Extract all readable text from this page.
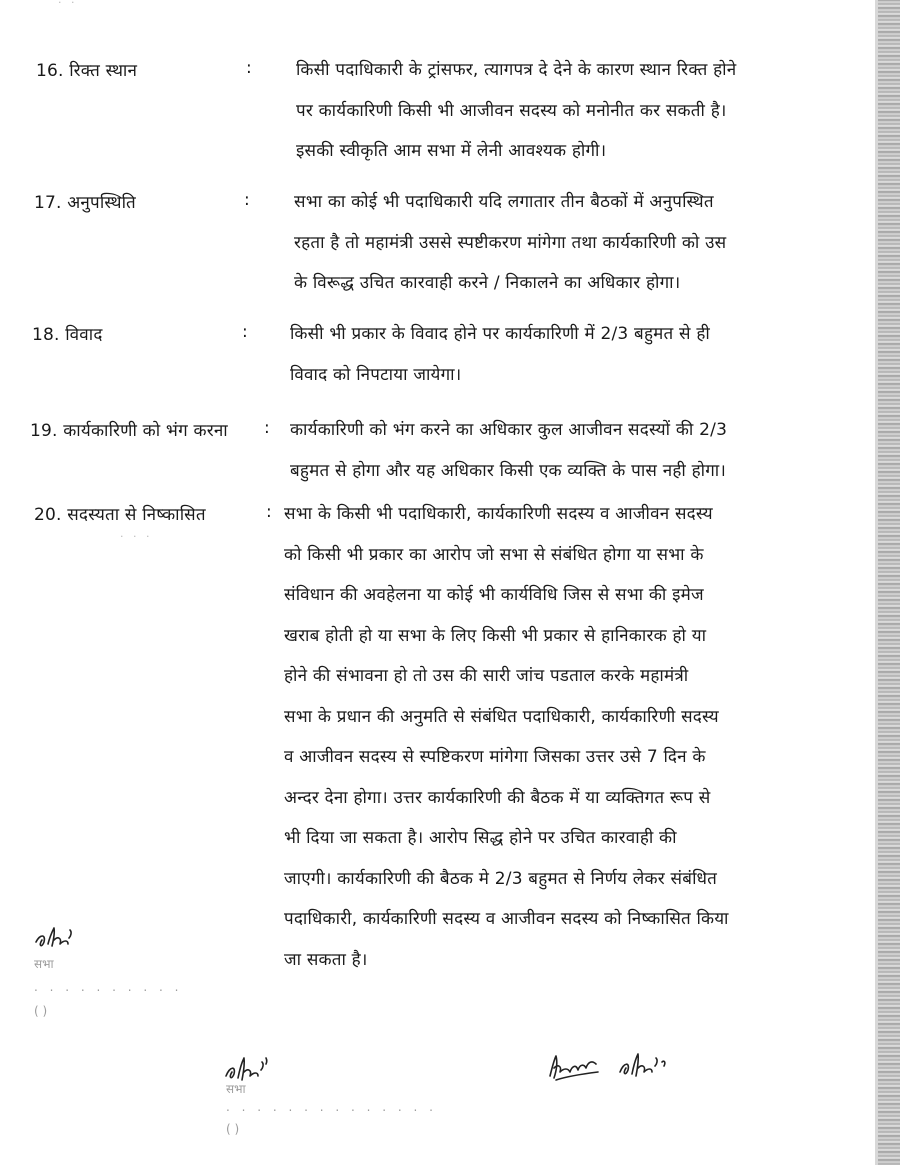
16. रिक्त स्थान	:	किसी पदाधिकारी के ट्रांसफर, त्यागपत्र दे देने के कारण स्थान रिक्त होने
पर कार्यकारिणी किसी भी आजीवन सदस्य को मनोनीत कर सकती है।
इसकी स्वीकृति आम सभा में लेनी आवश्यक होगी।
17. अनुपस्थिति	:	सभा का कोई भी पदाधिकारी यदि लगातार तीन बैठकों में अनुपस्थित
रहता है तो महामंत्री उससे स्पष्टीकरण मांगेगा तथा कार्यकारिणी को उस
के विरूद्ध उचित कारवाही करने / निकालने का अधिकार होगा।
18. विवाद	: किसी भी प्रकार के विवाद होने पर कार्यकारिणी में 2/3 बहुमत से ही
विवाद को निपटाया जायेगा।
19. कार्यकारिणी को भंग करना : कार्यकारिणी को भंग करने का अधिकार कुल आजीवन सदस्यों की 2/3
बहुमत से होगा और यह अधिकार किसी एक व्यक्ति के पास नही होगा।
20. सदस्यता से निष्कासित	: सभा के किसी भी पदाधिकारी, कार्यकारिणी सदस्य व आजीवन सदस्य
को किसी भी प्रकार का आरोप जो सभा से संबंधित होगा या सभा के
संविधान की अवहेलना या कोई भी कार्यविधि जिस से सभा की इमेज
खराब होती हो या सभा के लिए किसी भी प्रकार से हानिकारक हो या
होने की संभावना हो तो उस की सारी जांच पडताल करके महामंत्री
सभा के प्रधान की अनुमति से संबंधित पदाधिकारी, कार्यकारिणी सदस्य
व आजीवन सदस्य से स्पष्टिकरण मांगेगा जिसका उत्तर उसे 7 दिन के
अन्दर देना होगा। उत्तर कार्यकारिणी की बैठक में या व्यक्तिगत रूप से
भी दिया जा सकता है। आरोप सिद्ध होने पर उचित कारवाही की
जाएगी। कार्यकारिणी की बैठक मे 2/3 बहुमत से निर्णय लेकर संबंधित
पदाधिकारी, कार्यकारिणी सदस्य व आजीवन सदस्य को निष्कासित किया
जा सकता है।
· ·
· · ·
सभा
. . . . . . . . . .
( )
सभा
. . . . . . . . . . . . . .
( )
